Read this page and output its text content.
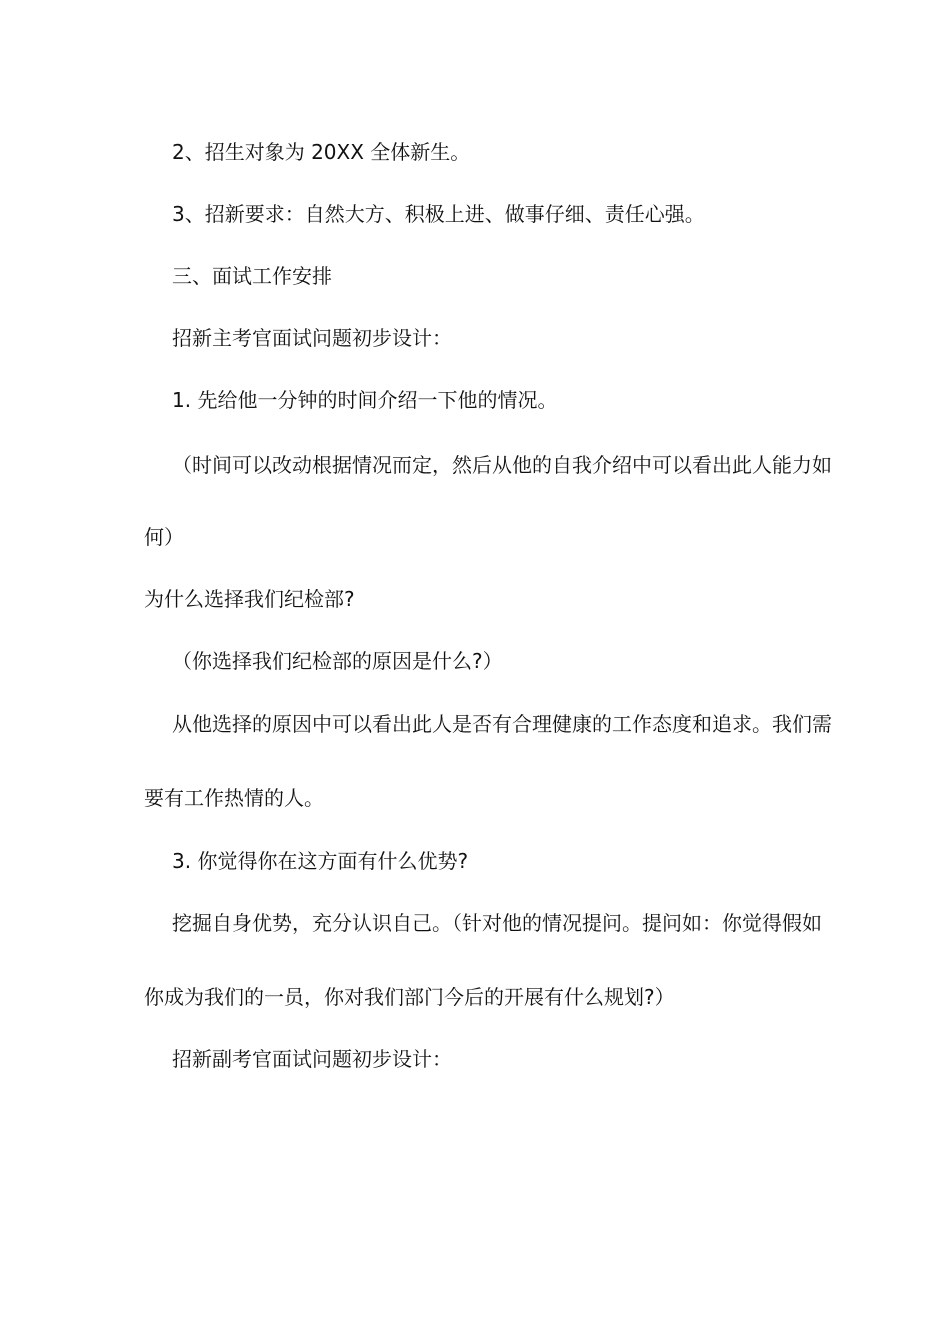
2、招生对象为 20XX 全体新生。
3、招新要求：自然大方、积极上进、做事仔细、责任心强。
三、面试工作安排
招新主考官面试问题初步设计：
1. 先给他一分钟的时间介绍一下他的情况。
（时间可以改动根据情况而定，然后从他的自我介绍中可以看出此人能力如
何）
为什么选择我们纪检部?
（你选择我们纪检部的原因是什么?）
从他选择的原因中可以看出此人是否有合理健康的工作态度和追求。我们需
要有工作热情的人。
3. 你觉得你在这方面有什么优势?
挖掘自身优势，充分认识自己。（针对他的情况提问。提问如：你觉得假如
你成为我们的一员，你对我们部门今后的开展有什么规划?）
招新副考官面试问题初步设计：
